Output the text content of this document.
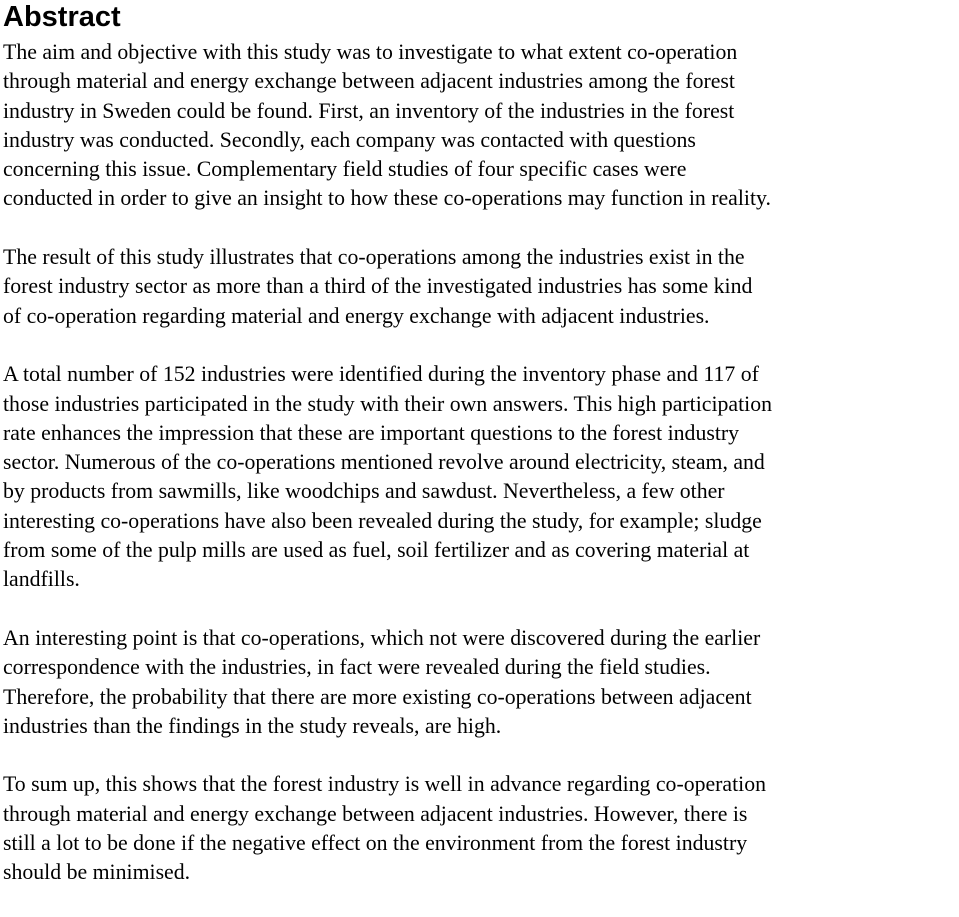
Abstract

The aim and objective with this study was to investigate to what extent co-operation
through material and energy exchange between adjacent industries among the forest
industry in Sweden could be found. First, an inventory of the industries in the forest
industry was conducted. Secondly, each company was contacted with questions
concerning this issue. Complementary field studies of four specific cases were
conducted in order to give an insight to how these co-operations may function in reality.

The result of this study illustrates that co-operations among the industries exist in the
forest industry sector as more than a third of the investigated industries has some kind
of co-operation regarding material and energy exchange with adjacent industries.

A total number of 152 industries were identified during the inventory phase and 117 of
those industries participated in the study with their own answers. This high participation
rate enhances the impression that these are important questions to the forest industry
sector. Numerous of the co-operations mentioned revolve around electricity, steam, and
by products from sawmills, like woodchips and sawdust. Nevertheless, a few other
interesting co-operations have also been revealed during the study, for example; sludge
from some of the pulp mills are used as fuel, soil fertilizer and as covering material at
landfills.

An interesting point is that co-operations, which not were discovered during the earlier
correspondence with the industries, in fact were revealed during the field studies.
Therefore, the probability that there are more existing co-operations between adjacent
industries than the findings in the study reveals, are high.

To sum up, this shows that the forest industry is well in advance regarding co-operation
through material and energy exchange between adjacent industries. However, there is
still a lot to be done if the negative effect on the environment from the forest industry
should be minimised.
